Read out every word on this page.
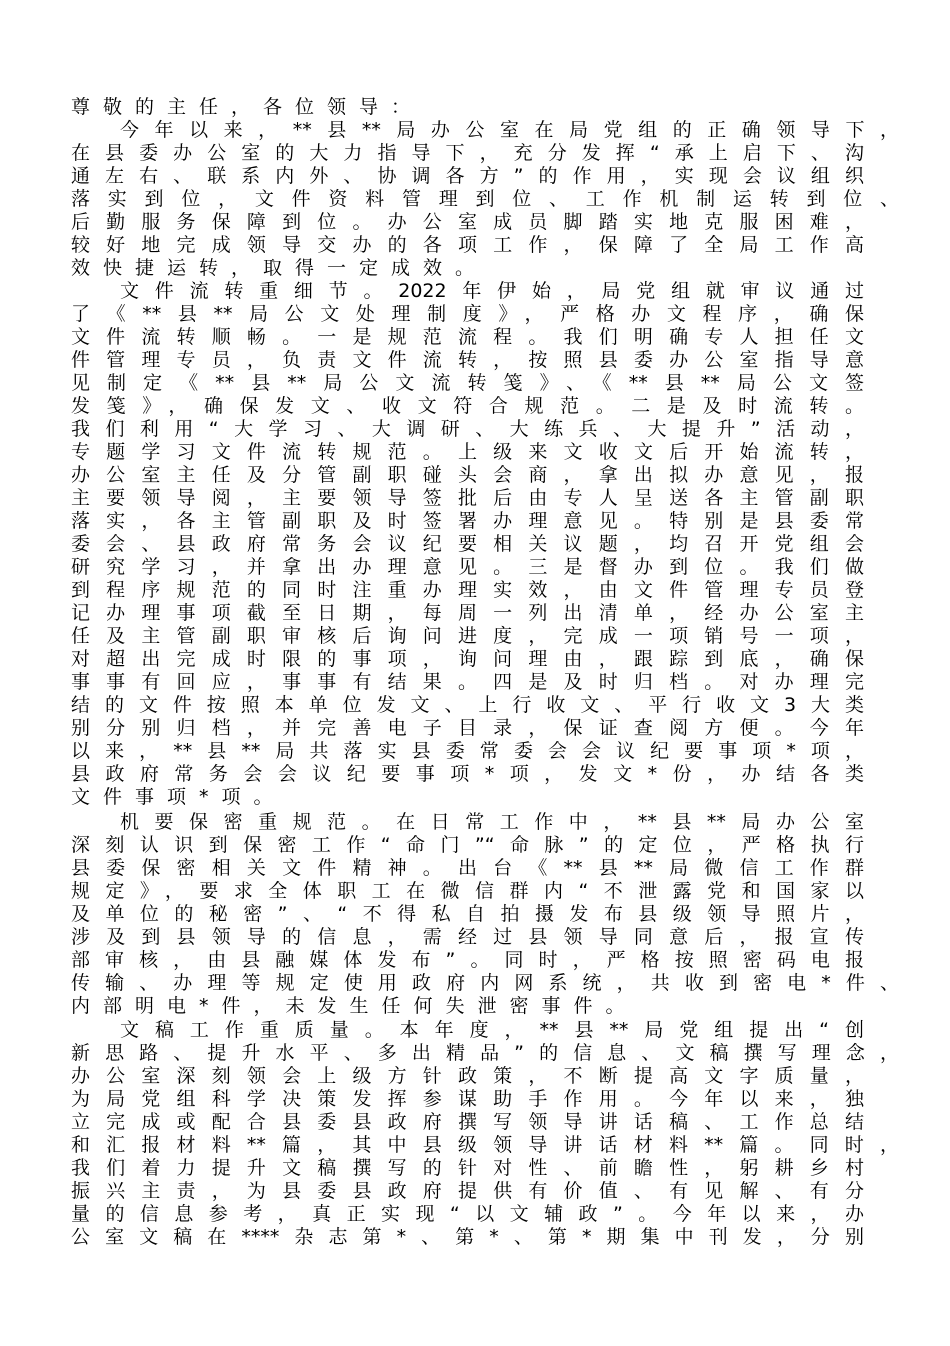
尊敬的主任，各位领导：
今年以来，**县**局办公室在局党组的正确领导下，
在县委办公室的大力指导下，充分发挥“承上启下、沟
通左右、联系内外、协调各方”的作用，实现会议组织
落实到位，文件资料管理到位、工作机制运转到位、
后勤服务保障到位。办公室成员脚踏实地克服困难，
较好地完成领导交办的各项工作，保障了全局工作高
效快捷运转，取得一定成效。
文件流转重细节。2022年伊始，局党组就审议通过
了《**县**局公文处理制度》，严格办文程序，确保
文件流转顺畅。一是规范流程。我们明确专人担任文
件管理专员，负责文件流转，按照县委办公室指导意
见制定《**县**局公文流转笺》、《**县**局公文签
发笺》，确保发文、收文符合规范。二是及时流转。
我们利用“大学习、大调研、大练兵、大提升”活动，
专题学习文件流转规范。上级来文收文后开始流转，
办公室主任及分管副职碰头会商，拿出拟办意见，报
主要领导阅，主要领导签批后由专人呈送各主管副职
落实，各主管副职及时签署办理意见。特别是县委常
委会、县政府常务会议纪要相关议题，均召开党组会
研究学习，并拿出办理意见。三是督办到位。我们做
到程序规范的同时注重办理实效，由文件管理专员登
记办理事项截至日期，每周一列出清单，经办公室主
任及主管副职审核后询问进度，完成一项销号一项，
对超出完成时限的事项，询问理由，跟踪到底，确保
事事有回应，事事有结果。四是及时归档。对办理完
结的文件按照本单位发文、上行收文、平行收文3大类
别分别归档，并完善电子目录，保证查阅方便。今年
以来，**县**局共落实县委常委会会议纪要事项*项，
县政府常务会会议纪要事项*项，发文*份，办结各类
文件事项*项。
机要保密重规范。在日常工作中，**县**局办公室
深刻认识到保密工作“命门”“命脉”的定位，严格执行
县委保密相关文件精神。出台《**县**局微信工作群
规定》，要求全体职工在微信群内“不泄露党和国家以
及单位的秘密”、“不得私自拍摄发布县级领导照片，
涉及到县领导的信息，需经过县领导同意后，报宣传
部审核，由县融媒体发布”。同时，严格按照密码电报
传输、办理等规定使用政府内网系统，共收到密电*件、
内部明电*件，未发生任何失泄密事件。
文稿工作重质量。本年度，**县**局党组提出“创
新思路、提升水平、多出精品”的信息、文稿撰写理念，
办公室深刻领会上级方针政策，不断提高文字质量，
为局党组科学决策发挥参谋助手作用。今年以来，独
立完成或配合县委县政府撰写领导讲话稿、工作总结
和汇报材料**篇，其中县级领导讲话材料**篇。同时，
我们着力提升文稿撰写的针对性、前瞻性，躬耕乡村
振兴主责，为县委县政府提供有价值、有见解、有分
量的信息参考，真正实现“以文辅政”。今年以来，办
公室文稿在****杂志第*、第*、第*期集中刊发，分别
